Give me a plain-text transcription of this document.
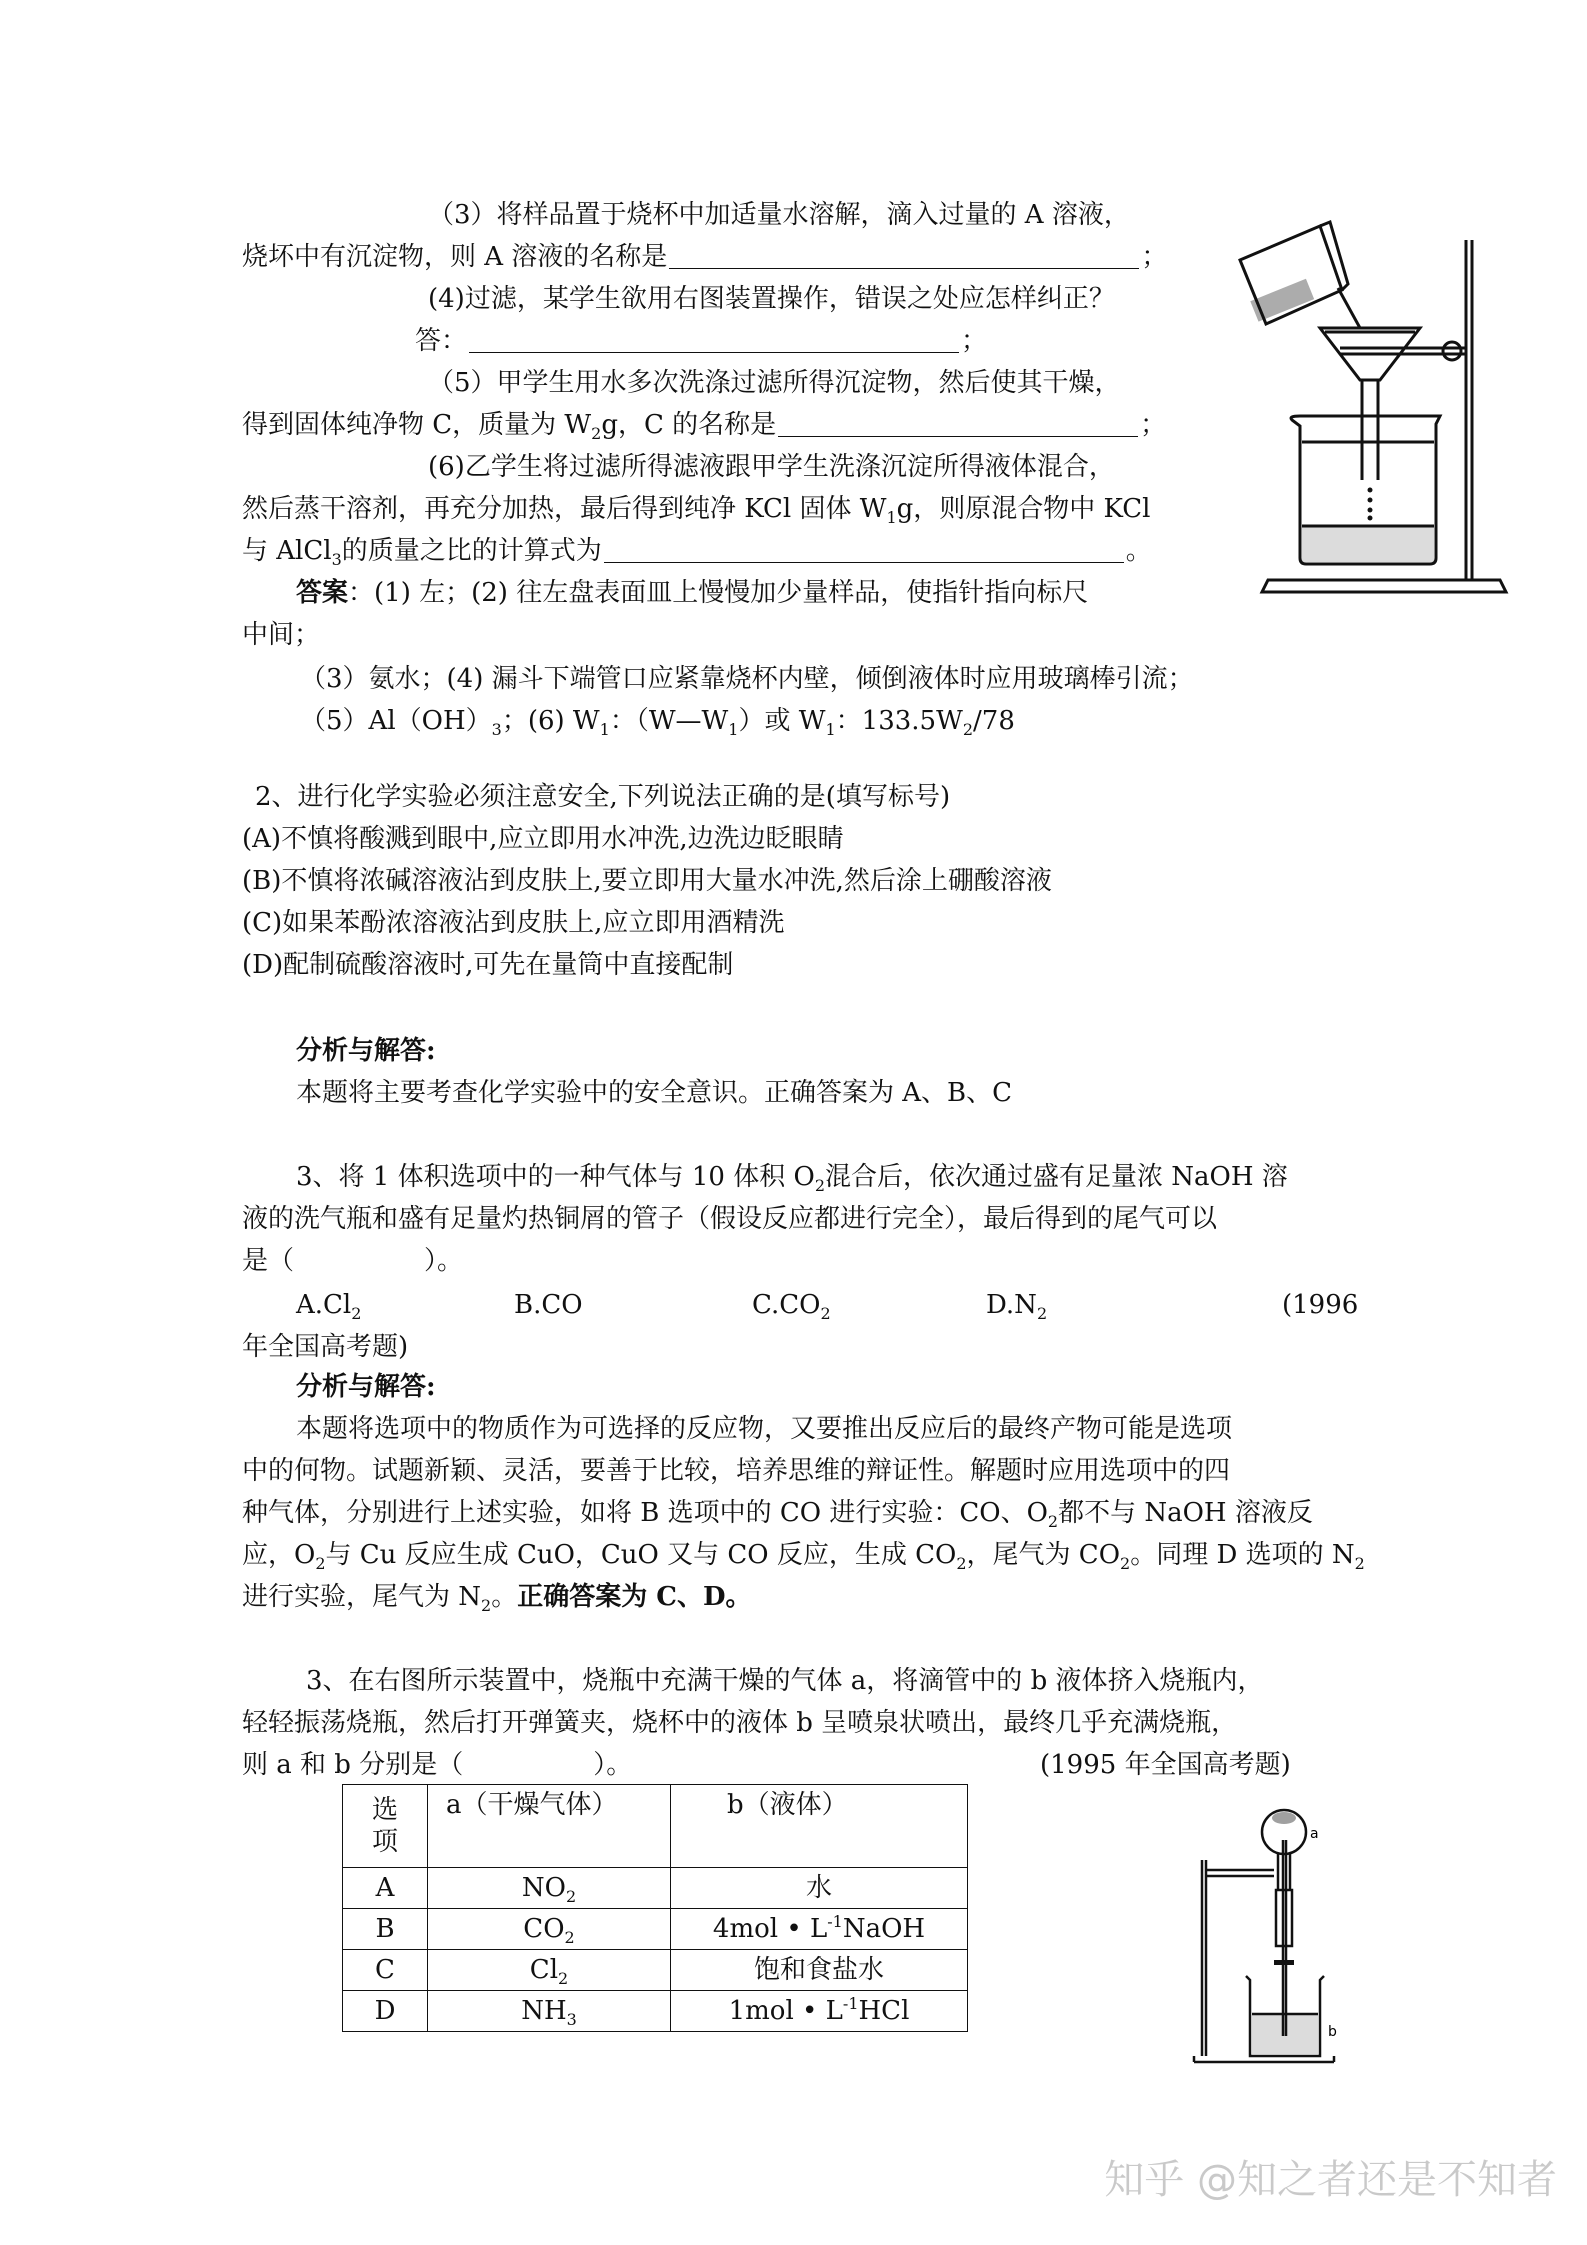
（3）将样品置于烧杯中加适量水溶解，滴入过量的 A 溶液，
烧坏中有沉淀物，则 A 溶液的名称是	；
(4)过滤，某学生欲用右图装置操作，错误之处应怎样纠正？
答：	；
（5）甲学生用水多次洗涤过滤所得沉淀物，然后使其干燥，
得到固体纯净物 C，质量为 $W_2g$，C 的名称是	；
(6)乙学生将过滤所得滤液跟甲学生洗涤沉淀所得液体混合，
然后蒸干溶剂，再充分加热，最后得到纯净 KCl 固体 $W_1g$，则原混合物中 KCl
与 AlCl$_3$的质量之比的计算式为	。
答案：(1) 左；(2) 往左盘表面皿上慢慢加少量样品，使指针指向标尺
中间；
（3）氨水；(4) 漏斗下端管口应紧靠烧杯内壁，倾倒液体时应用玻璃棒引流；
$(5)Al(OH)_3$；(6) $W_1$：$(W—W_1)$或 $W_1$：$133.5W_2/78$
2、进行化学实验必须注意安全,下列说法正确的是(填写标号)
(A)不慎将酸溅到眼中,应立即用水冲洗,边洗边眨眼睛
(B)不慎将浓碱溶液沾到皮肤上,要立即用大量水冲洗,然后涂上硼酸溶液
(C)如果苯酚浓溶液沾到皮肤上,应立即用酒精洗
(D)配制硫酸溶液时,可先在量筒中直接配制
分析与解答:
本题将主要考查化学实验中的安全意识。正确答案为 A、B、C
3、将 1 体积选项中的一种气体与 10 体积 $O_2$混合后，依次通过盛有足量浓 NaOH 溶
液的洗气瓶和盛有足量灼热铜屑的管子（假设反应都进行完全），最后得到的尾气可以
是（　　　　　）。
$A.Cl_2$	B.CO	$C.CO_2$	$D.N_2$	(1996
年全国高考题)
分析与解答:
本题将选项中的物质作为可选择的反应物，又要推出反应后的最终产物可能是选项
中的何物。试题新颖、灵活，要善于比较，培养思维的辩证性。解题时应用选项中的四
种气体，分别进行上述实验，如将 B 选项中的 CO 进行实验：CO、$O_2$都不与 NaOH 溶液反
应，$O_2$与 Cu 反应生成 CuO，CuO 又与 CO 反应，生成 $CO_2$，尾气为 $CO_2$。同理 D 选项的 $N_2$
进行实验，尾气为 $N_2$。正确答案为 C、D。
3、在右图所示装置中，烧瓶中充满干燥的气体 a，将滴管中的 b 液体挤入烧瓶内，
轻轻振荡烧瓶，然后打开弹簧夹，烧杯中的液体 b 呈喷泉状喷出，最终几乎充满烧瓶，
则 a 和 b 分别是（　　　　　）。	(1995 年全国高考题)
选
项	a（干燥气体）	b（液体）
A	$NO_2$	水
B	$CO_2$	4mol • $L^{-1}NaOH$
C	$Cl_2$	饱和食盐水
D	$NH_3$	1mol • $L^{-1}HCl$
a
b
知乎 @知之者还是不知者
